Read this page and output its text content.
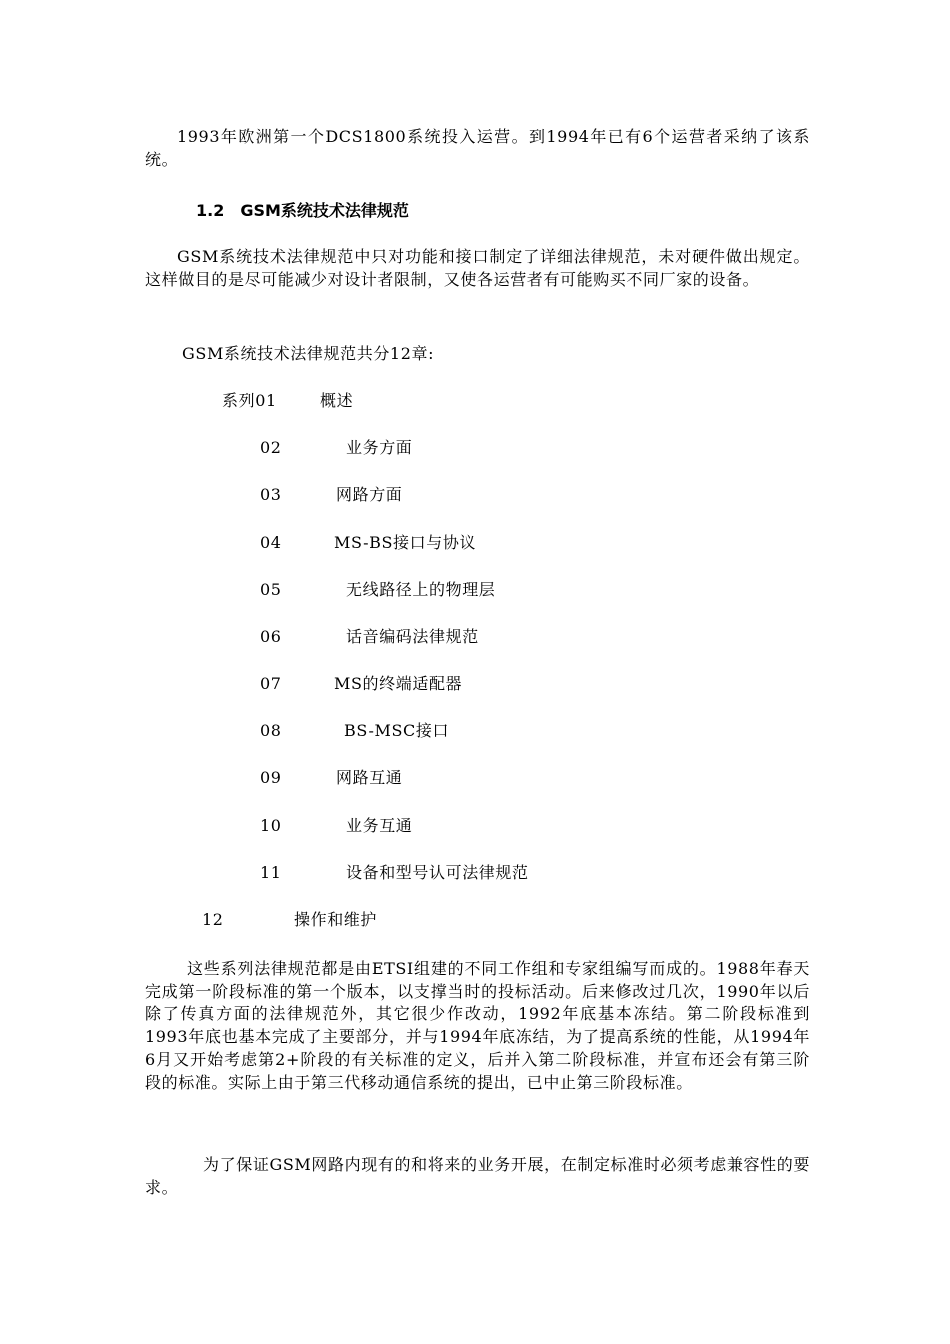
1993年欧洲第一个DCS1800系统投入运营。到1994年已有6个运营者采纳了该系统。

1.2 GSM系统技术法律规范

GSM系统技术法律规范中只对功能和接口制定了详细法律规范，未对硬件做出规定。这样做目的是尽可能减少对设计者限制，又使各运营者有可能购买不同厂家的设备。

GSM系统技术法律规范共分12章:

系列01	概述
02	业务方面
03	网路方面
04	MS-BS接口与协议
05	无线路径上的物理层
06	话音编码法律规范
07	MS的终端适配器
08	BS-MSC接口
09	网路互通
10	业务互通
11	设备和型号认可法律规范
12	操作和维护

这些系列法律规范都是由ETSI组建的不同工作组和专家组编写而成的。1988年春天完成第一阶段标准的第一个版本，以支撑当时的投标活动。后来修改过几次，1990年以后除了传真方面的法律规范外，其它很少作改动，1992年底基本冻结。第二阶段标准到1993年底也基本完成了主要部分，并与1994年底冻结，为了提高系统的性能，从1994年6月又开始考虑第2+阶段的有关标准的定义，后并入第二阶段标准，并宣布还会有第三阶段的标准。实际上由于第三代移动通信系统的提出，已中止第三阶段标准。

为了保证GSM网路内现有的和将来的业务开展，在制定标准时必须考虑兼容性的要求。
